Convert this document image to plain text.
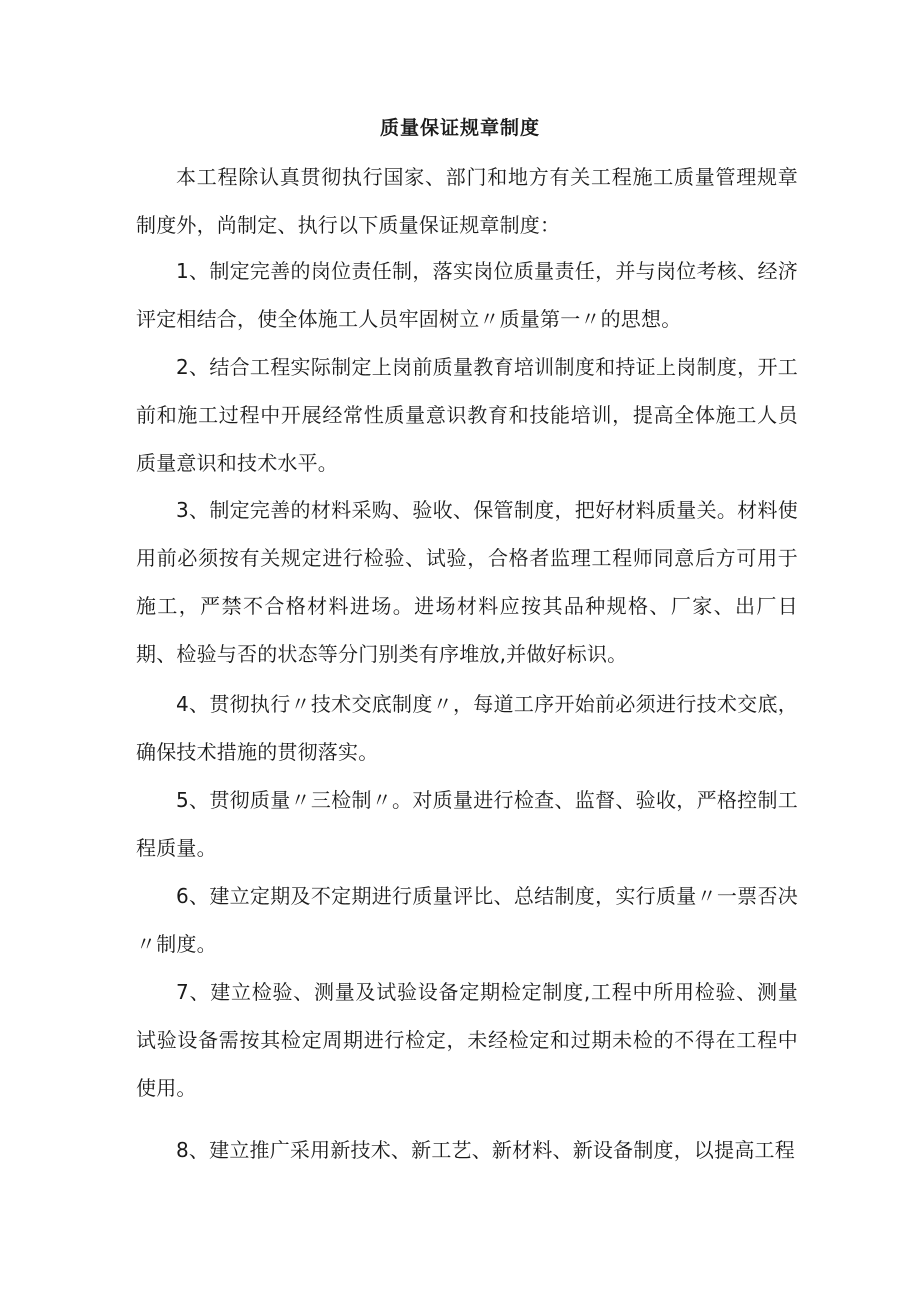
质量保证规章制度
本工程除认真贯彻执行国家、部门和地方有关工程施工质量管理规章制度外，尚制定、执行以下质量保证规章制度：
1、制定完善的岗位责任制，落实岗位质量责任，并与岗位考核、经济评定相结合，使全体施工人员牢固树立〃质量第一〃的思想。
2、结合工程实际制定上岗前质量教育培训制度和持证上岗制度，开工前和施工过程中开展经常性质量意识教育和技能培训，提高全体施工人员质量意识和技术水平。
3、制定完善的材料采购、验收、保管制度，把好材料质量关。材料使用前必须按有关规定进行检验、试验，合格者监理工程师同意后方可用于施工，严禁不合格材料进场。进场材料应按其品种规格、厂家、出厂日期、检验与否的状态等分门别类有序堆放,并做好标识。
4、贯彻执行〃技术交底制度〃，每道工序开始前必须进行技术交底，确保技术措施的贯彻落实。
5、贯彻质量〃三检制〃。对质量进行检查、监督、验收，严格控制工程质量。
6、建立定期及不定期进行质量评比、总结制度，实行质量〃一票否决〃制度。
7、建立检验、测量及试验设备定期检定制度,工程中所用检验、测量试验设备需按其检定周期进行检定，未经检定和过期未检的不得在工程中使用。
8、建立推广采用新技术、新工艺、新材料、新设备制度，以提高工程
